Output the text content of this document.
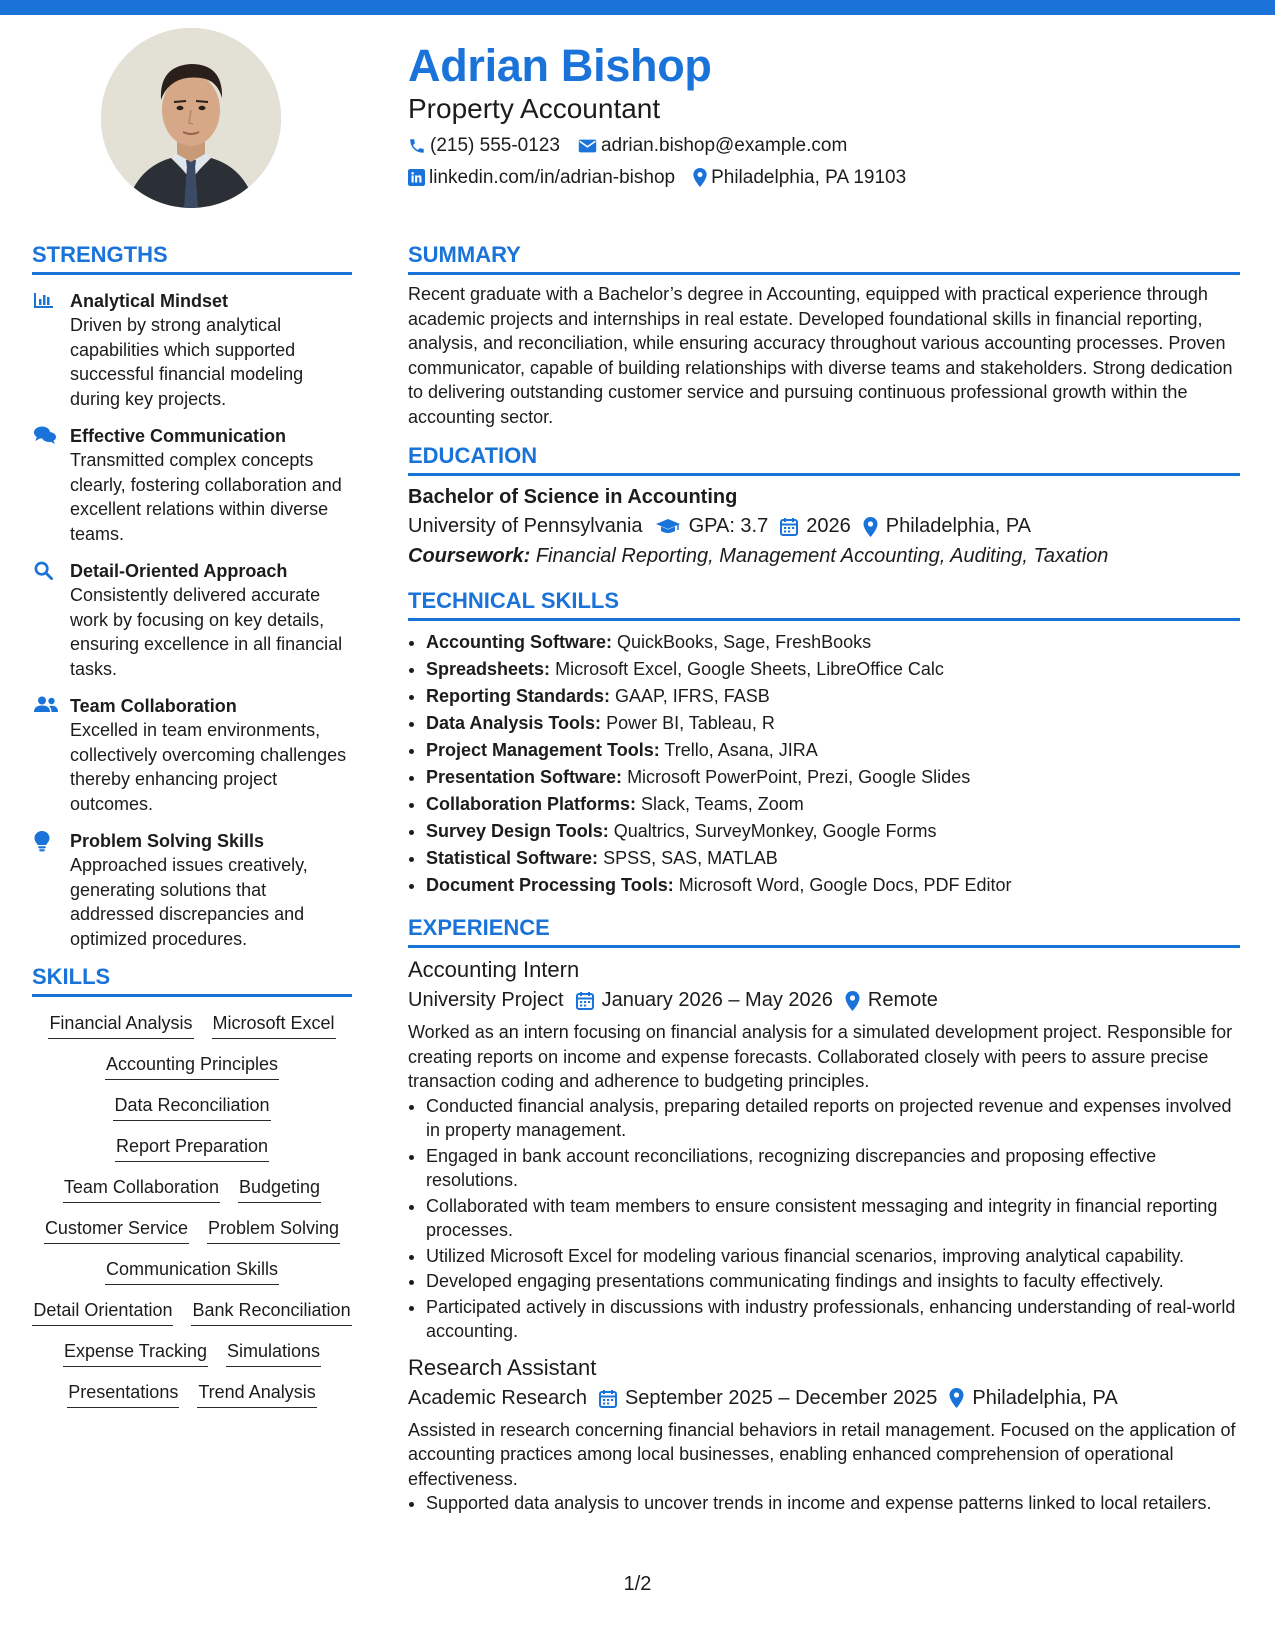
Adrian Bishop
Property Accountant
(215) 555-0123 adrian.bishop@example.com
linkedin.com/in/adrian-bishop Philadelphia, PA 19103
STRENGTHS
Analytical Mindset
Driven by strong analytical capabilities which supported successful financial modeling during key projects.
Effective Communication
Transmitted complex concepts clearly, fostering collaboration and excellent relations within diverse teams.
Detail-Oriented Approach
Consistently delivered accurate work by focusing on key details, ensuring excellence in all financial tasks.
Team Collaboration
Excelled in team environments, collectively overcoming challenges thereby enhancing project outcomes.
Problem Solving Skills
Approached issues creatively, generating solutions that addressed discrepancies and optimized procedures.
SKILLS
Financial Analysis Microsoft Excel
Accounting Principles
Data Reconciliation
Report Preparation
Team Collaboration Budgeting
Customer Service Problem Solving
Communication Skills
Detail Orientation Bank Reconciliation
Expense Tracking Simulations
Presentations Trend Analysis
SUMMARY
Recent graduate with a Bachelor’s degree in Accounting, equipped with practical experience through academic projects and internships in real estate. Developed foundational skills in financial reporting, analysis, and reconciliation, while ensuring accuracy throughout various accounting processes. Proven communicator, capable of building relationships with diverse teams and stakeholders. Strong dedication to delivering outstanding customer service and pursuing continuous professional growth within the accounting sector.
EDUCATION
Bachelor of Science in Accounting
University of Pennsylvania GPA: 3.7 2026 Philadelphia, PA
Coursework: Financial Reporting, Management Accounting, Auditing, Taxation
TECHNICAL SKILLS
• Accounting Software: QuickBooks, Sage, FreshBooks
• Spreadsheets: Microsoft Excel, Google Sheets, LibreOffice Calc
• Reporting Standards: GAAP, IFRS, FASB
• Data Analysis Tools: Power BI, Tableau, R
• Project Management Tools: Trello, Asana, JIRA
• Presentation Software: Microsoft PowerPoint, Prezi, Google Slides
• Collaboration Platforms: Slack, Teams, Zoom
• Survey Design Tools: Qualtrics, SurveyMonkey, Google Forms
• Statistical Software: SPSS, SAS, MATLAB
• Document Processing Tools: Microsoft Word, Google Docs, PDF Editor
EXPERIENCE
Accounting Intern
University Project January 2026 – May 2026 Remote
Worked as an intern focusing on financial analysis for a simulated development project. Responsible for creating reports on income and expense forecasts. Collaborated closely with peers to assure precise transaction coding and adherence to budgeting principles.
• Conducted financial analysis, preparing detailed reports on projected revenue and expenses involved in property management.
• Engaged in bank account reconciliations, recognizing discrepancies and proposing effective resolutions.
• Collaborated with team members to ensure consistent messaging and integrity in financial reporting processes.
• Utilized Microsoft Excel for modeling various financial scenarios, improving analytical capability.
• Developed engaging presentations communicating findings and insights to faculty effectively.
• Participated actively in discussions with industry professionals, enhancing understanding of real-world accounting.
Research Assistant
Academic Research September 2025 – December 2025 Philadelphia, PA
Assisted in research concerning financial behaviors in retail management. Focused on the application of accounting practices among local businesses, enabling enhanced comprehension of operational effectiveness.
• Supported data analysis to uncover trends in income and expense patterns linked to local retailers.
1/2
